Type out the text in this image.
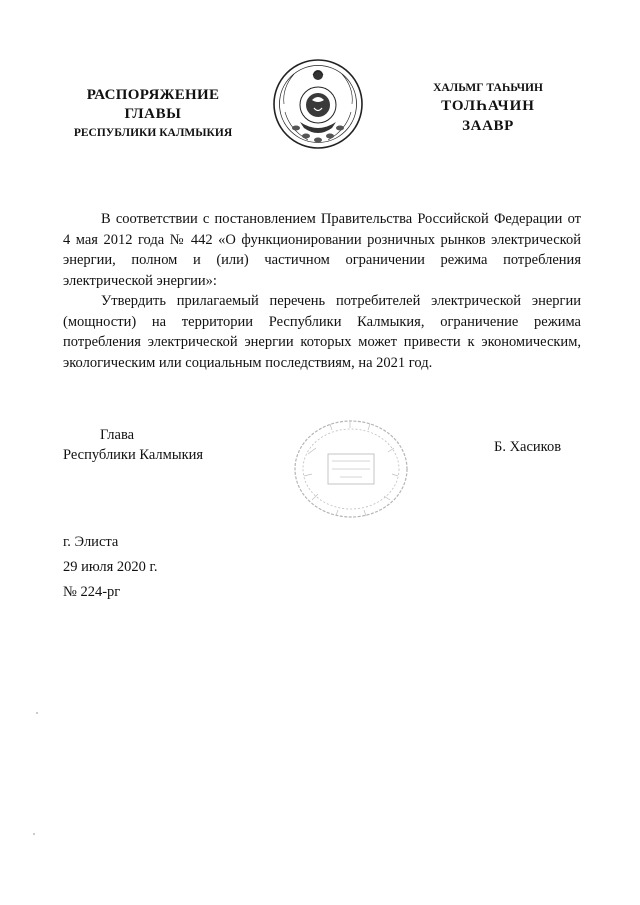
РАСПОРЯЖЕНИЕ
ГЛАВЫ
РЕСПУБЛИКИ КАЛМЫКИЯ
ХАЛЬМГ ТАҺЬЧИН
ТОЛҺАЧИН
ЗААВР

В соответствии с постановлением Правительства Российской Федерации от 4 мая 2012 года № 442 «О функционировании розничных рынков электрической энергии, полном и (или) частичном ограничении режима потребления электрической энергии»:

Утвердить прилагаемый перечень потребителей электрической энергии (мощности) на территории Республики Калмыкия, ограничение режима потребления электрической энергии которых может привести к экономическим, экологическим или социальным последствиям, на 2021 год.

Глава
Республики Калмыкия	Б. Хасиков
г. Элиста
29 июля 2020 г.
№ 224-рг
